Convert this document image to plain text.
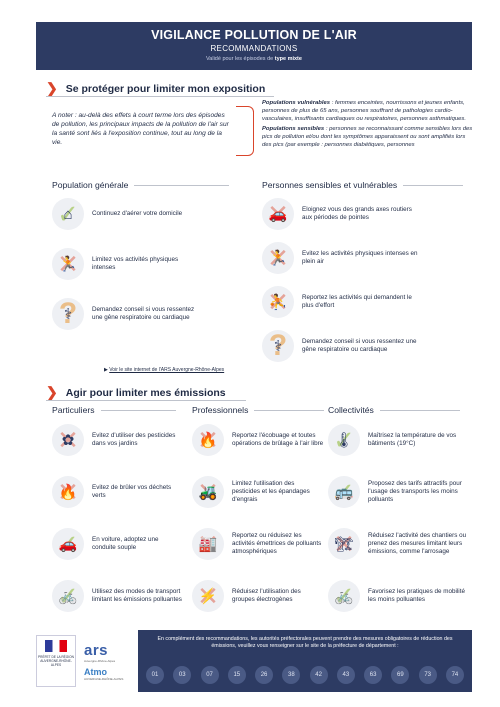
VIGILANCE POLLUTION DE L'AIR
RECOMMANDATIONS
Validé pour les épisodes de type mixte
❯ Se protéger pour limiter mon exposition
A noter : au-delà des effets à court terme lors des épisodes de pollution, les principaux impacts de la pollution de l'air sur la santé sont liés à l'exposition continue, tout au long de la vie.
Populations vulnérables : femmes enceintes, nourrissons et jeunes enfants, personnes de plus de 65 ans, personnes souffrant de pathologies cardio-vasculaires, insuffisants cardiaques ou respiratoires, personnes asthmatiques.
Populations sensibles : personnes se reconnaissant comme sensibles lors des pics de pollution et/ou dont les symptômes apparaissent ou sont amplifiés lors des pics (par exemple : personnes diabétiques, personnes
Population générale	Personnes sensibles et vulnérables
⌂
✓	Continuez d'aérer votre domicile
🏃
✕ Limitez vos activités physiques intenses
⚕
?	Demandez conseil si vous ressentez une gêne respiratoire ou cardiaque
🚗
✕ Eloignez vous des grands axes routiers aux périodes de pointes
🏃
✕ Evitez les activités physiques intenses en plein air
⛹
✕ Reportez les activités qui demandent le plus d'effort
⚕
?	Demandez conseil si vous ressentez une gêne respiratoire ou cardiaque
▶ Voir le site internet de l'ARS Auvergne-Rhône-Alpes
❯ Agir pour limiter mes émissions
Particuliers	Professionnels	Collectivités
✿
✕	Evitez d'utiliser des pesticides dans vos jardins
🔥
✕ Evitez de brûler vos déchets verts
🚗
✓ En voiture, adoptez une conduite souple
🚲
✓ Utilisez des modes de transport limitant les émissions polluantes
🔥
✕ Reportez l'écobuage et toutes opérations de brûlage à l'air libre
🚜
✕
Limitez l'utilisation des pesticides et les épandages d'engrais
🏭
✕
Reportez ou réduisez les activités émettrices de polluants atmosphériques
⚡
✕ Réduisez l'utilisation des groupes électrogènes
🌡
✓ Maîtrisez la température de vos bâtiments (19°C)
🚌
✓
Proposez des tarifs attractifs pour l'usage des transports les moins polluants
🏗
✕
Réduisez l'activité des chantiers ou prenez des mesures limitant leurs émissions, comme l'arrosage
🚲
✓ Favorisez les pratiques de mobilité les moins polluantes
PRÉFET DE LA RÉGION AUVERGNE-RHÔNE-ALPES
ars
Auvergne-Rhône-Alpes
Atmo
AUVERGNE-RHÔNE-ALPES
En complément des recommandations, les autorités préfectorales peuvent prendre des mesures obligatoires de réduction des émissions, veuillez vous renseigner sur le site de la préfecture de département :
01	03	07	15	26	38	42	43	63	69	73	74
